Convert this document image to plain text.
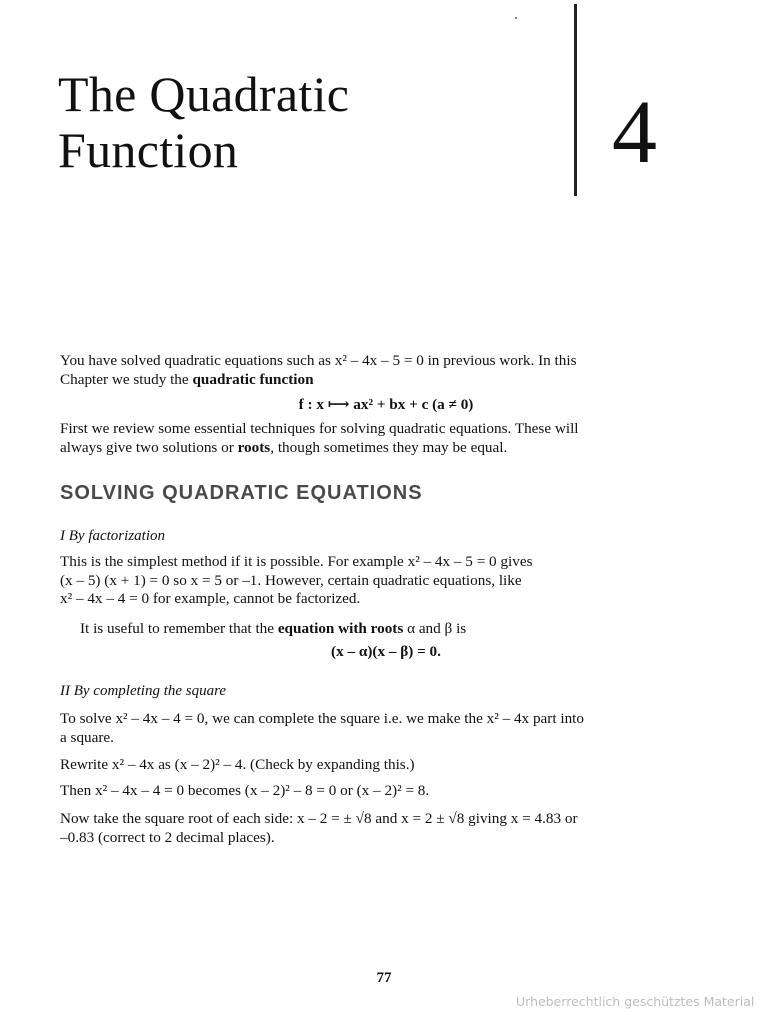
The Quadratic
Function	4
You have solved quadratic equations such as x² – 4x – 5 = 0 in previous work. In this
Chapter we study the quadratic function
f : x ⟼ ax² + bx + c (a ≠ 0)
First we review some essential techniques for solving quadratic equations. These will
always give two solutions or roots, though sometimes they may be equal.
SOLVING QUADRATIC EQUATIONS
I By factorization
This is the simplest method if it is possible. For example x² – 4x – 5 = 0 gives
(x – 5) (x + 1) = 0 so x = 5 or –1. However, certain quadratic equations, like
x² – 4x – 4 = 0 for example, cannot be factorized.
It is useful to remember that the equation with roots α and β is
(x – α)(x – β) = 0.
II By completing the square
To solve x² – 4x – 4 = 0, we can complete the square i.e. we make the x² – 4x part into
a square.
Rewrite x² – 4x as (x – 2)² – 4. (Check by expanding this.)
Then x² – 4x – 4 = 0 becomes (x – 2)² – 8 = 0 or (x – 2)² = 8.
Now take the square root of each side: x – 2 = ± √8 and x = 2 ± √8 giving x = 4.83 or
–0.83 (correct to 2 decimal places).
77
Urheberrechtlich geschütztes Material
